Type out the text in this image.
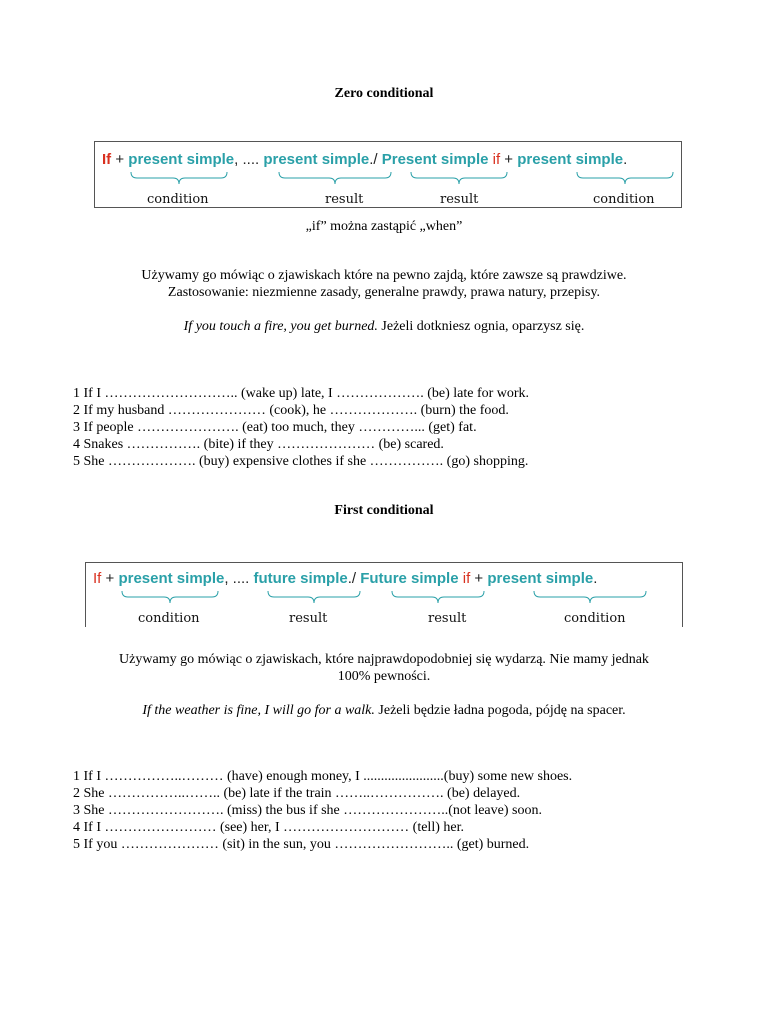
Zero conditional
If + present simple, .... present simple./ Present simple if + present simple.
condition	result	result	condition
„if” można zastąpić „when”
Używamy go mówiąc o zjawiskach które na pewno zajdą, które zawsze są prawdziwe.
Zastosowanie: niezmienne zasady, generalne prawdy, prawa natury, przepisy.
If you touch a fire, you get burned. Jeżeli dotkniesz ognia, oparzysz się.
1 If I ……………………….. (wake up) late, I ………………. (be) late for work.
2 If my husband ………………… (cook), he ………………. (burn) the food.
3 If people …………………. (eat) too much, they …………... (get) fat.
4 Snakes ……………. (bite) if they ………………… (be) scared.
5 She ………………. (buy) expensive clothes if she ……………. (go) shopping.
First conditional
If + present simple, .... future simple./ Future simple if + present simple.
condition	result	result	condition
Używamy go mówiąc o zjawiskach, które najprawdopodobniej się wydarzą. Nie mamy jednak
100% pewności.
If the weather is fine, I will go for a walk. Jeżeli będzie ładna pogoda, pójdę na spacer.
1 If I ……………..……… (have) enough money, I .......................(buy) some new shoes.
2 She ……………..…….. (be) late if the train ……..……………. (be) delayed.
3 She ……………………. (miss) the bus if she …………………..(not leave) soon.
4 If I …………………… (see) her, I ……………………… (tell) her.
5 If you ………………… (sit) in the sun, you …………………….. (get) burned.
